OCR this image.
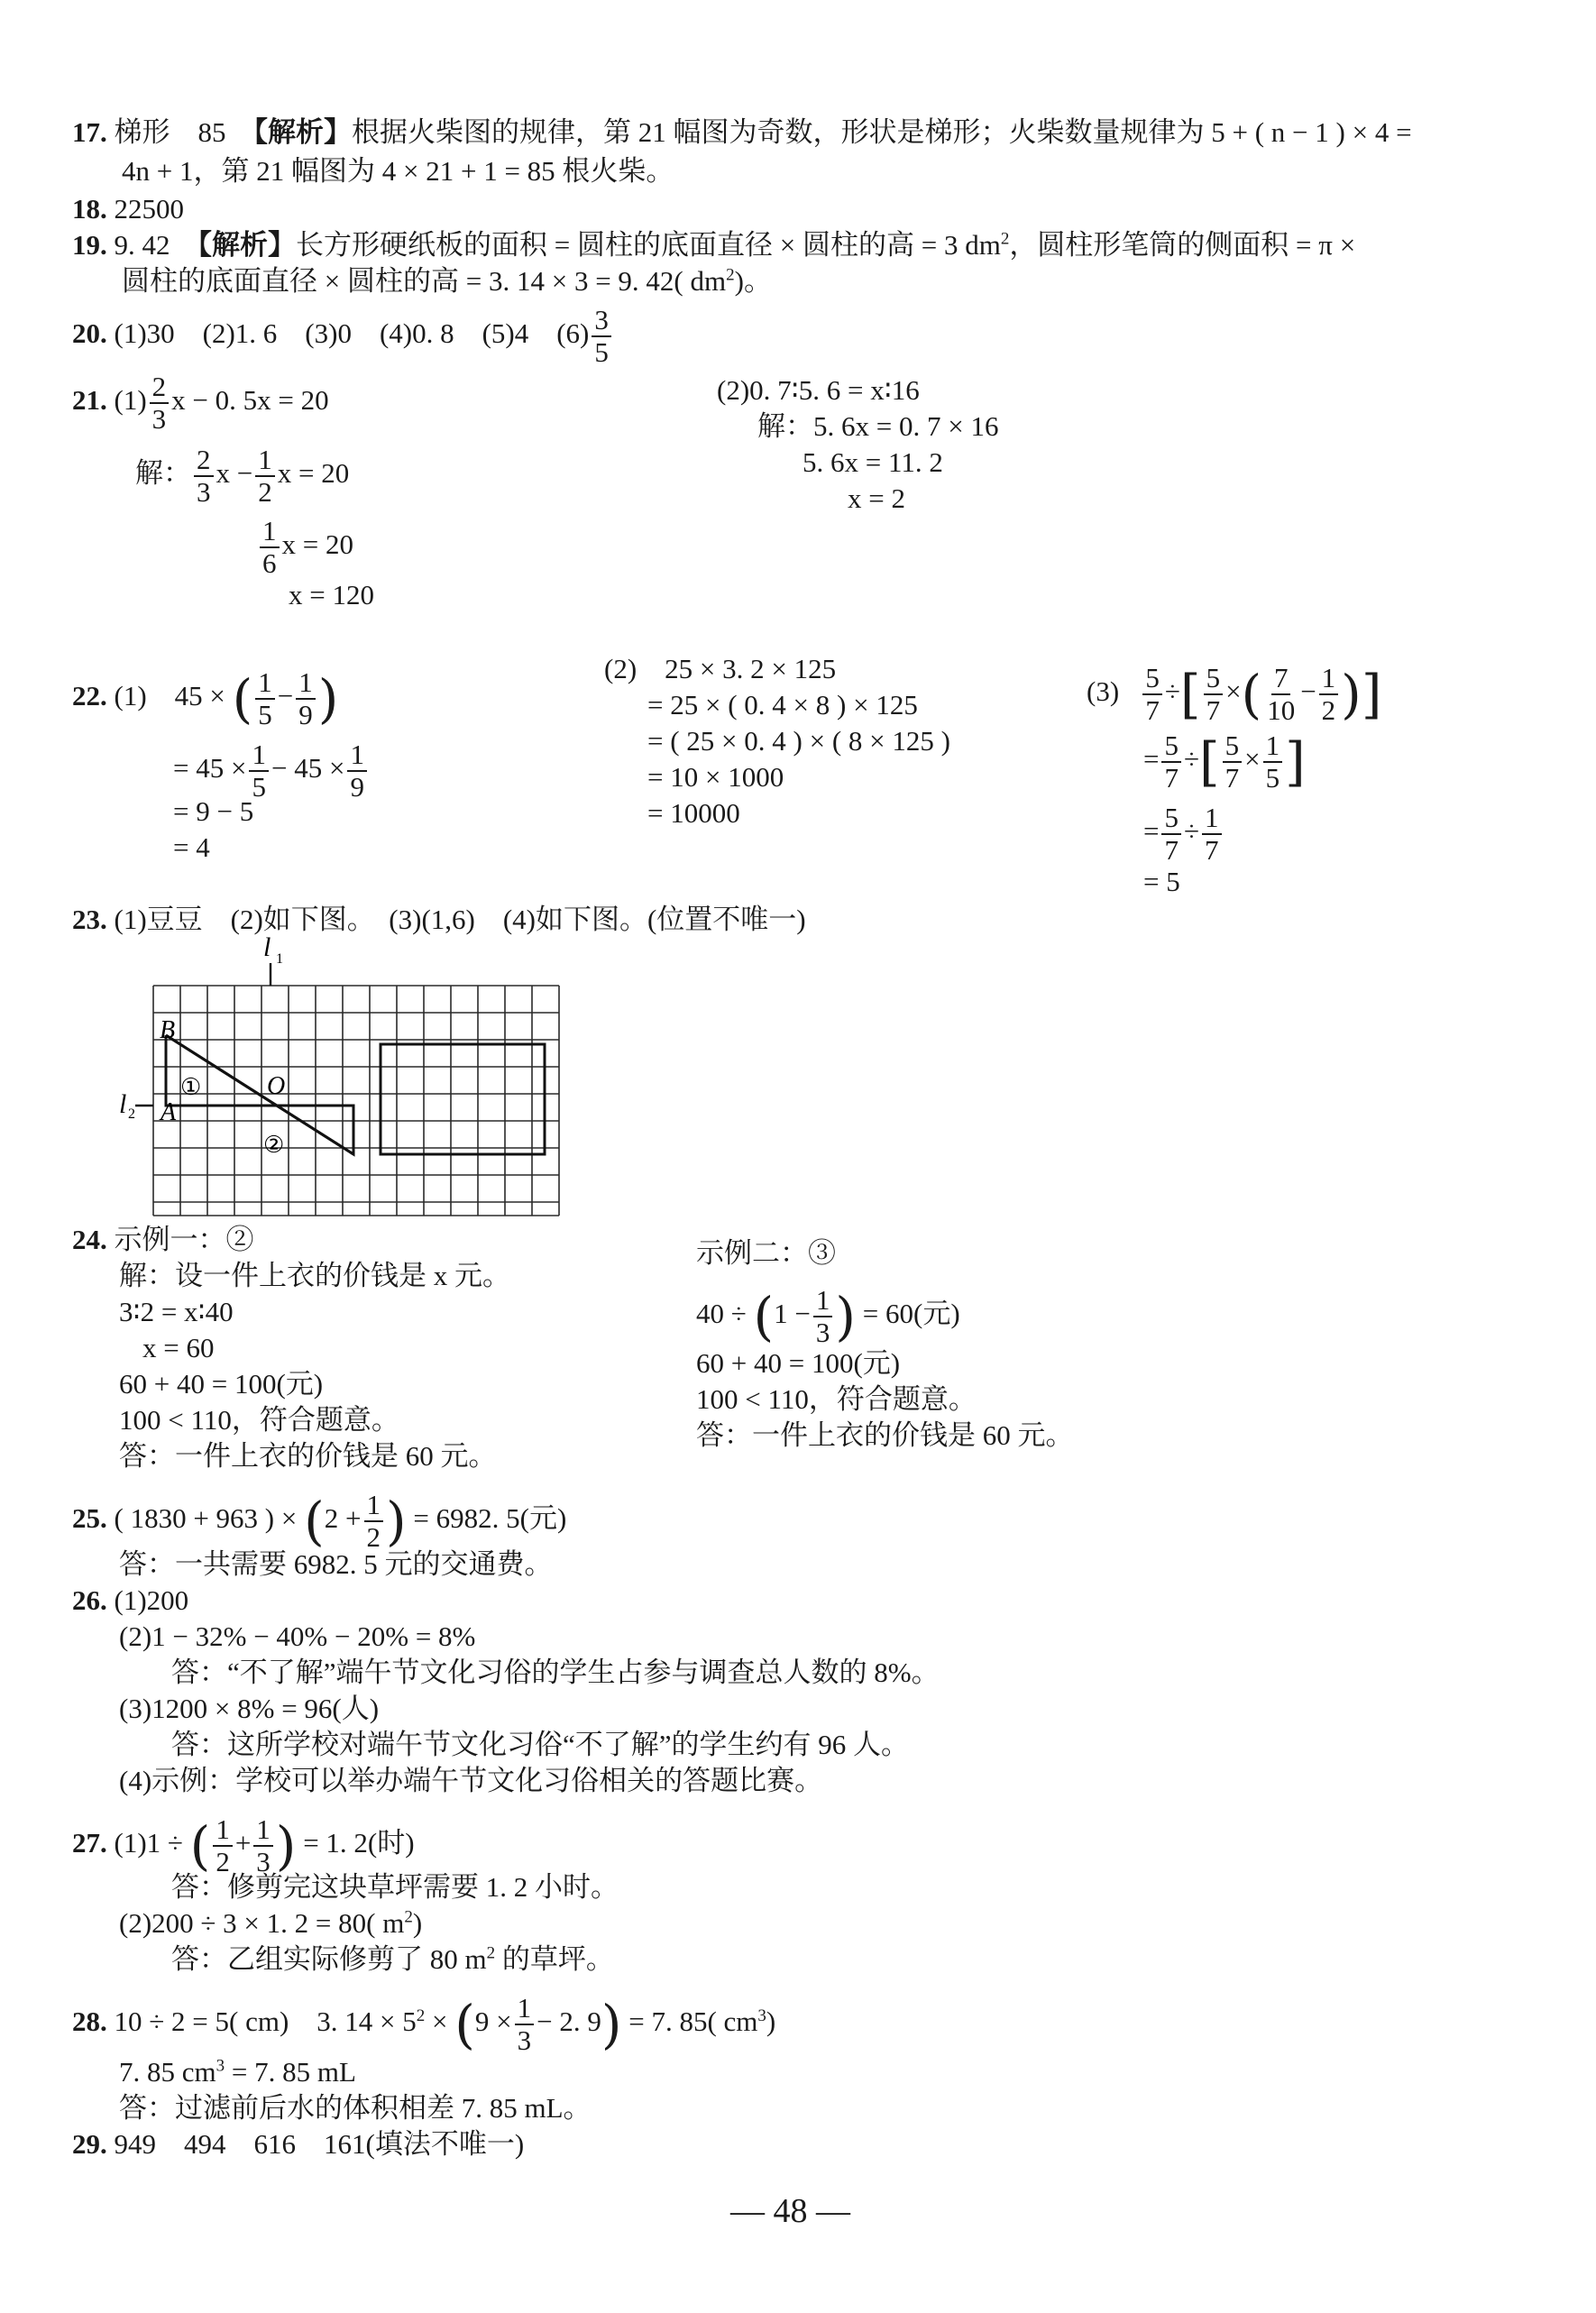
17. 梯形　85　【解析】根据火柴图的规律，第 21 幅图为奇数，形状是梯形；火柴数量规律为 5 + ( n − 1 ) × 4 =
4n + 1，第 21 幅图为 4 × 21 + 1 = 85 根火柴。
18. 22500
19. 9. 42　【解析】长方形硬纸板的面积 = 圆柱的底面直径 × 圆柱的高 = 3 $dm^2$，圆柱形笔筒的侧面积 = π ×
圆柱的底面直径 × 圆柱的高 = 3. 14 × 3 = 9. 42( $dm^2$)。
20. (1)30　(2)1. 6　(3)0　(4)0. 8　(5)4　$(6) \frac{3}{5}$
21. $(1) \frac{2}{3}$ x − 0. 5x = 20
解： $\frac{2}{3}$ $x - \frac{1}{2}$ x = 20
$\frac{1}{6}$ x = 20
x = 120
(2)0. 7∶5. 6 = x∶16
解：5. 6x = 0. 7 × 16
5. 6x = 11. 2
x = 2
22. (1)　45 × ( $\frac{1}{5} - \frac{1}{9}$ )
= $45 \times \frac{1}{5} - 45 \times \frac{1}{9}$
= 9 − 5
= 4
(2)　25 × 3. 2 × 125
= 25 × ( 0. 4 × 8 ) × 125
= ( 25 × 0. 4 ) × ( 8 × 125 )
= 10 × 1000
= 10000
$(3) \frac{5}{7}$ ÷[ $\frac{5}{7}$ ×( $\frac{7}{10} - \frac{1}{2}$ )]
= $\frac{5}{7}$ ÷[ $\frac{5}{7} \times \frac{1}{5}$ ]
= $\frac{5}{7} \div \frac{1}{7}$
= 5
23. (1)豆豆　(2)如下图。　(3)(1,6)　(4)如下图。(位置不唯一)
l 1
l 2
B
A
O
①
②
24. 示例一：②
解：设一件上衣的价钱是 x 元。
3∶2 = x∶40
x = 60
60 + 40 = 100(元)
100 < 110，符合题意。
答：一件上衣的价钱是 60 元。
示例二：③
$40 \div (1 - \frac{1}{3}$ ) = 60(元)
60 + 40 = 100(元)
100 < 110，符合题意。
答：一件上衣的价钱是 60 元。
25. ( 1830 + 963 ) × ($2 + \frac{1}{2}$ ) = 6982. 5(元)
答：一共需要 6982. 5 元的交通费。
26. (1)200
(2)1 − 32% − 40% − 20% = 8%
答：“不了解”端午节文化习俗的学生占参与调查总人数的 8%。
(3)1200 × 8% = 96(人)
答：这所学校对端午节文化习俗“不了解”的学生约有 96 人。
(4)示例：学校可以举办端午节文化习俗相关的答题比赛。
27. (1)1 ÷ ( $\frac{1}{2} + \frac{1}{3}$ ) = 1. 2(时)
答：修剪完这块草坪需要 1. 2 小时。
(2)200 ÷ 3 × 1. 2 = 80( $m^2$)
答：乙组实际修剪了 80 $m^2$ 的草坪。
28. 10 ÷ 2 = 5( cm)　3. $14 \times 5^2 \times (9 \times \frac{1}{3} - 2$. 9) = 7. 85( $cm^3$)
7. 85 $cm^3 = 7$. 85 mL
答：过滤前后水的体积相差 7. 85 mL。
29. 949　494　616　161(填法不唯一)
— 48 —
